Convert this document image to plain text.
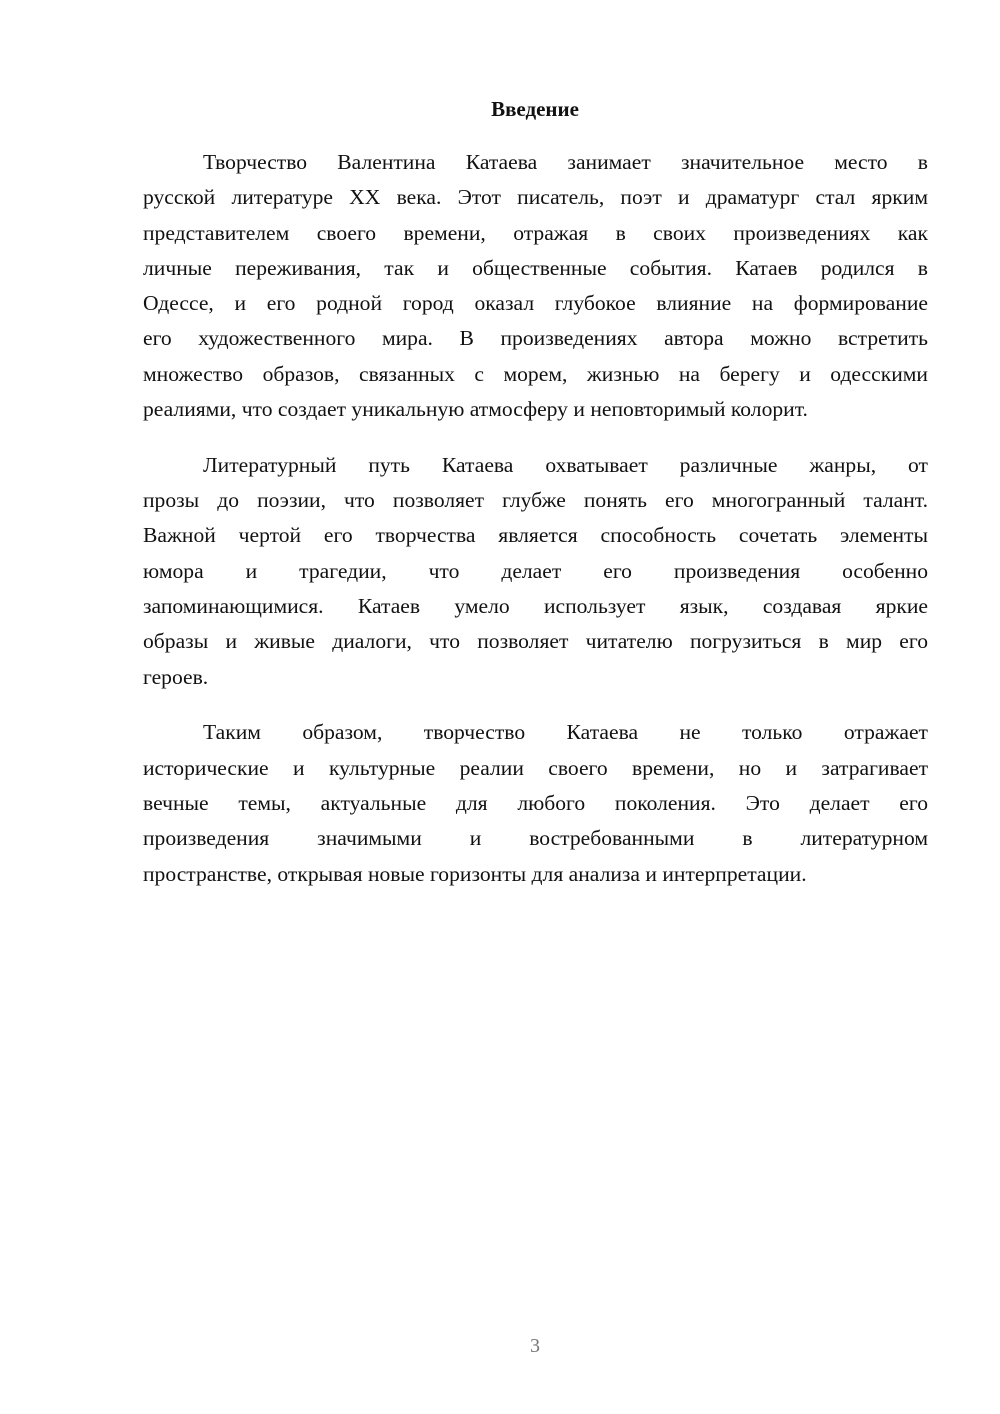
Введение
Творчество Валентина Катаева занимает значительное место в
русской литературе XX века. Этот писатель, поэт и драматург стал ярким
представителем своего времени, отражая в своих произведениях как
личные переживания, так и общественные события. Катаев родился в
Одессе, и его родной город оказал глубокое влияние на формирование
его художественного мира. В произведениях автора можно встретить
множество образов, связанных с морем, жизнью на берегу и одесскими
реалиями, что создает уникальную атмосферу и неповторимый колорит.
Литературный путь Катаева охватывает различные жанры, от
прозы до поэзии, что позволяет глубже понять его многогранный талант.
Важной чертой его творчества является способность сочетать элементы
юмора и трагедии, что делает его произведения особенно
запоминающимися. Катаев умело использует язык, создавая яркие
образы и живые диалоги, что позволяет читателю погрузиться в мир его
героев.
Таким образом, творчество Катаева не только отражает
исторические и культурные реалии своего времени, но и затрагивает
вечные темы, актуальные для любого поколения. Это делает его
произведения значимыми и востребованными в литературном
пространстве, открывая новые горизонты для анализа и интерпретации.
3
